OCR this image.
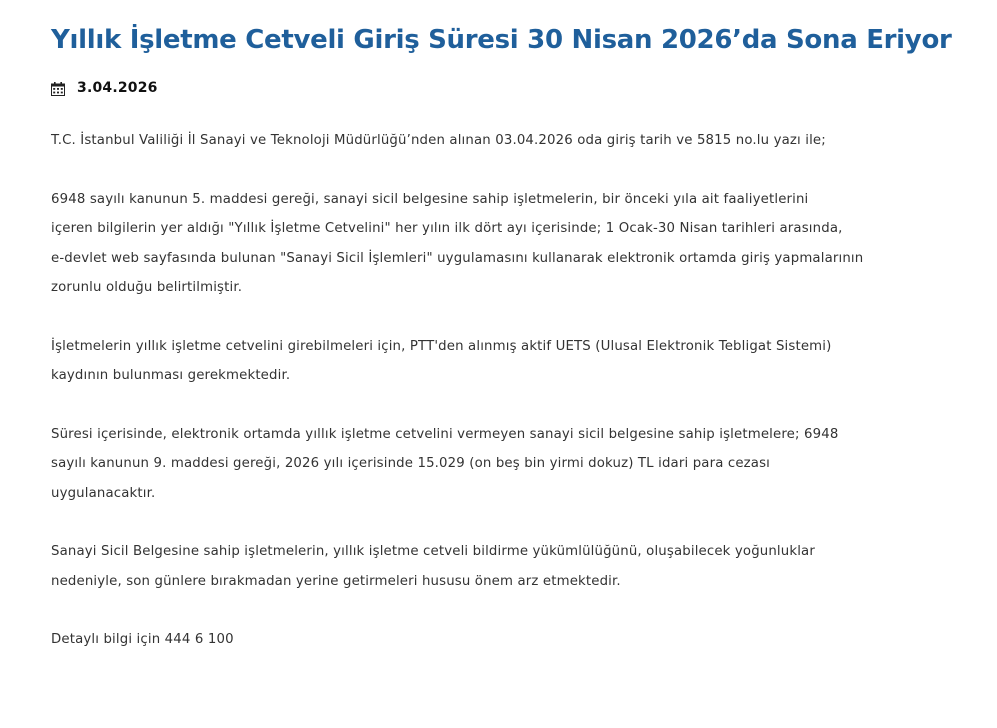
Yıllık İşletme Cetveli Giriş Süresi 30 Nisan 2026’da Sona Eriyor
3.04.2026

T.C. İstanbul Valiliği İl Sanayi ve Teknoloji Müdürlüğü’nden alınan 03.04.2026 oda giriş tarih ve 5815 no.lu yazı ile;

6948 sayılı kanunun 5. maddesi gereği, sanayi sicil belgesine sahip işletmelerin, bir önceki yıla ait faaliyetlerini
içeren bilgilerin yer aldığı "Yıllık İşletme Cetvelini" her yılın ilk dört ayı içerisinde; 1 Ocak-30 Nisan tarihleri arasında,
e-devlet web sayfasında bulunan "Sanayi Sicil İşlemleri" uygulamasını kullanarak elektronik ortamda giriş yapmalarının
zorunlu olduğu belirtilmiştir.

İşletmelerin yıllık işletme cetvelini girebilmeleri için, PTT'den alınmış aktif UETS (Ulusal Elektronik Tebligat Sistemi)
kaydının bulunması gerekmektedir.

Süresi içerisinde, elektronik ortamda yıllık işletme cetvelini vermeyen sanayi sicil belgesine sahip işletmelere; 6948
sayılı kanunun 9. maddesi gereği, 2026 yılı içerisinde 15.029 (on beş bin yirmi dokuz) TL idari para cezası
uygulanacaktır.

Sanayi Sicil Belgesine sahip işletmelerin, yıllık işletme cetveli bildirme yükümlülüğünü, oluşabilecek yoğunluklar
nedeniyle, son günlere bırakmadan yerine getirmeleri hususu önem arz etmektedir.

Detaylı bilgi için 444 6 100
